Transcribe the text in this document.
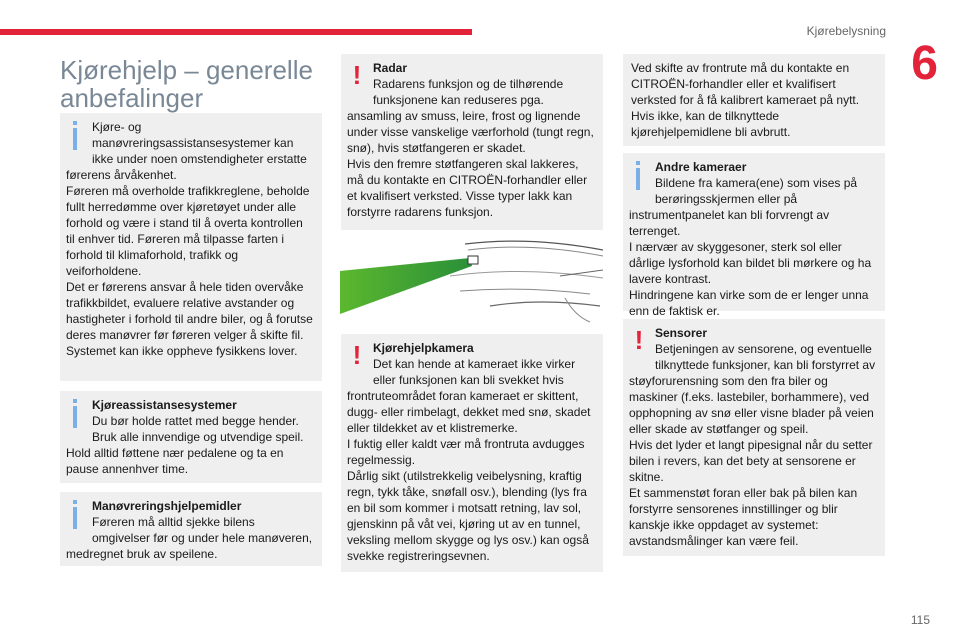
Kjørebelysning
6
Kjørehjelp – generelle anbefalinger

Kjøre- og

manøvreringsassistansesystemer kan ikke under noen omstendigheter erstatte førerens årvåkenhet.
Føreren må overholde trafikkreglene, beholde fullt herredømme over kjøretøyet under alle forhold og være i stand til å overta kontrollen til enhver tid. Føreren må tilpasse farten i forhold til klimaforhold, trafikk og veiforholdene.
Det er førerens ansvar å hele tiden overvåke trafikkbildet, evaluere relative avstander og hastigheter i forhold til andre biler, og å forutse deres manøvrer før føreren velger å skifte fil.
Systemet kan ikke oppheve fysikkens lover.

Kjøreassistansesystemer

Du bør holde rattet med begge hender.
Bruk alle innvendige og utvendige speil. Hold alltid føttene nær pedalene og ta en pause annenhver time.

Manøvreringshjelpemidler

Føreren må alltid sjekke bilens omgivelser før og under hele manøveren, medregnet bruk av speilene.

! Radar

Radarens funksjon og de tilhørende funksjonene kan reduseres pga. ansamling av smuss, leire, frost og lignende under visse vanskelige værforhold (tungt regn, snø), hvis støtfangeren er skadet.
Hvis den fremre støtfangeren skal lakkeres, må du kontakte en CITROËN-forhandler eller et kvalifisert verksted. Visse typer lakk kan forstyrre radarens funksjon.

! Kjørehjelpkamera

Det kan hende at kameraet ikke virker eller funksjonen kan bli svekket hvis frontruteområdet foran kameraet er skittent, dugg- eller rimbelagt, dekket med snø, skadet eller tildekket av et klistremerke.
I fuktig eller kaldt vær må frontruta avdugges regelmessig.
Dårlig sikt (utilstrekkelig veibelysning, kraftig regn, tykk tåke, snøfall osv.), blending (lys fra en bil som kommer i motsatt retning, lav sol, gjenskinn på våt vei, kjøring ut av en tunnel, veksling mellom skygge og lys osv.) kan også svekke registreringsevnen.

Ved skifte av frontrute må du kontakte en CITROËN-forhandler eller et kvalifisert verksted for å få kalibrert kameraet på nytt. Hvis ikke, kan de tilknyttede kjørehjelpemidlene bli avbrutt.

Andre kameraer

Bildene fra kamera(ene) som vises på berøringsskjermen eller på instrumentpanelet kan bli forvrengt av terrenget.
I nærvær av skyggesoner, sterk sol eller dårlige lysforhold kan bildet bli mørkere og ha lavere kontrast.
Hindringene kan virke som de er lenger unna enn de faktisk er.

! Sensorer

Betjeningen av sensorene, og eventuelle tilknyttede funksjoner, kan bli forstyrret av støyforurensning som den fra biler og maskiner (f.eks. lastebiler, borhammere), ved opphopning av snø eller visne blader på veien eller skade av støtfanger og speil.
Hvis det lyder et langt pipesignal når du setter bilen i revers, kan det bety at sensorene er skitne.
Et sammenstøt foran eller bak på bilen kan forstyrre sensorenes innstillinger og blir kanskje ikke oppdaget av systemet: avstandsmålinger kan være feil.

115
